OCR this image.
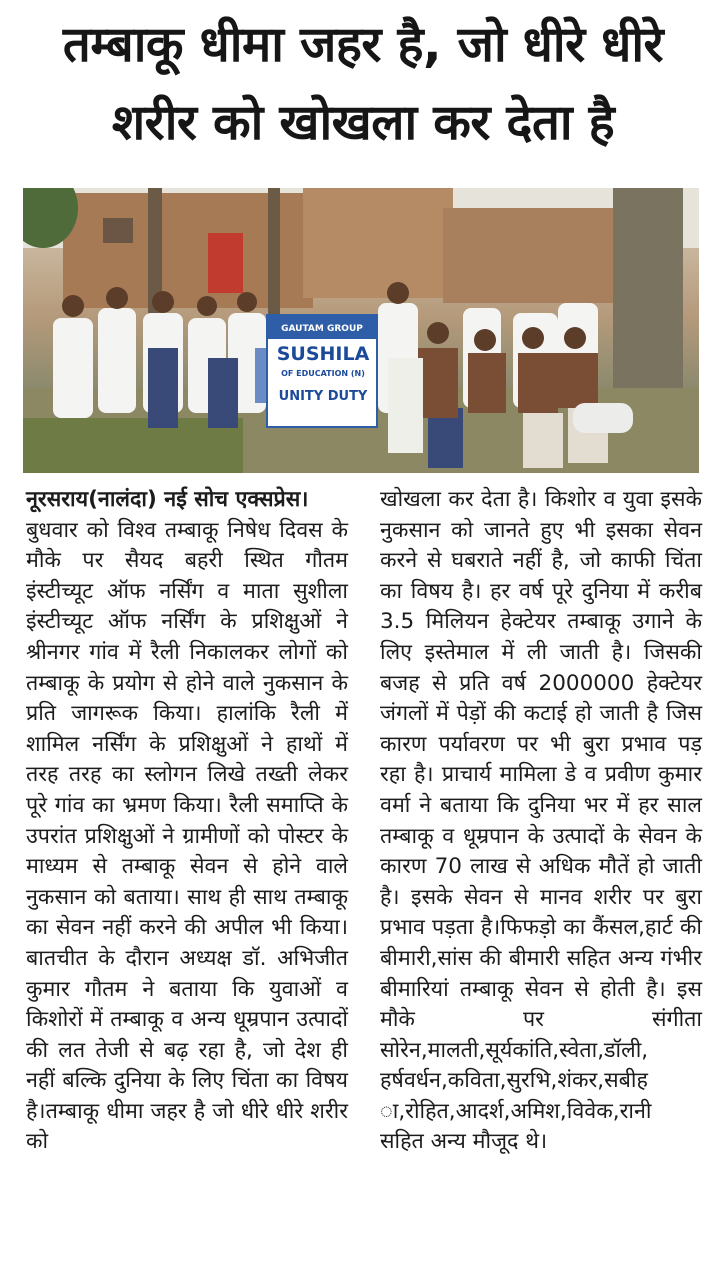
तम्बाकू धीमा जहर है, जो धीरे धीरे
शरीर को खोखला कर देता है
GAUTAM GROUP
SUSHILA
OF EDUCATION (N)
UNITY DUTY

नूरसराय(नालंदा) नई सोच एक्सप्रेस।
बुधवार को विश्व तम्बाकू निषेध दिवस के मौके पर सैयद बहरी स्थित गौतम इंस्टीच्यूट ऑफ नर्सिंग व माता सुशीला इंस्टीच्यूट ऑफ नर्सिंग के प्रशिक्षुओं ने श्रीनगर गांव में रैली निकालकर लोगों को तम्बाकू के प्रयोग से होने वाले नुकसान के प्रति जागरूक किया। हालांकि रैली में शामिल नर्सिंग के प्रशिक्षुओं ने हाथों में तरह तरह का स्लोगन लिखे तख्ती लेकर पूरे गांव का भ्रमण किया। रैली समाप्ति के उपरांत प्रशिक्षुओं ने ग्रामीणों को पोस्टर के माध्यम से तम्बाकू सेवन से होने वाले नुकसान को बताया। साथ ही साथ तम्बाकू का सेवन नहीं करने की अपील भी किया।बातचीत के दौरान अध्यक्ष डॉ. अभिजीत कुमार गौतम ने बताया कि युवाओं व किशोरों में तम्बाकू व अन्य धूम्रपान उत्पादों की लत तेजी से बढ़ रहा है, जो देश ही नहीं बल्कि दुनिया के लिए चिंता का विषय है।तम्बाकू धीमा जहर है जो धीरे धीरे शरीर को

खोखला कर देता है। किशोर व युवा इसके नुकसान को जानते हुए भी इसका सेवन करने से घबराते नहीं है, जो काफी चिंता का विषय है। हर वर्ष पूरे दुनिया में करीब 3.5 मिलियन हेक्टेयर तम्बाकू उगाने के लिए इस्तेमाल में ली जाती है। जिसकी बजह से प्रति वर्ष 2000000 हेक्टेयर जंगलों में पेड़ों की कटाई हो जाती है जिस कारण पर्यावरण पर भी बुरा प्रभाव पड़ रहा है। प्राचार्य मामिला डे व प्रवीण कुमार वर्मा ने बताया कि दुनिया भर में हर साल तम्बाकू व धूम्रपान के उत्पादों के सेवन के कारण 70 लाख से अधिक मौतें हो जाती है। इसके सेवन से मानव शरीर पर बुरा प्रभाव पड़ता है।फिफड़ो का कैंसल,हार्ट की बीमारी,सांस की बीमारी सहित अन्य गंभीर बीमारियां तम्बाकू सेवन से होती है। इस मौके पर संगीता सोरेन,मालती,सूर्यकांति,स्वेता,डॉली, हर्षवर्धन,कविता,सुरभि,शंकर,सबीह ा,रोहित,आदर्श,अमिश,विवेक,रानी सहित अन्य मौजूद थे।
